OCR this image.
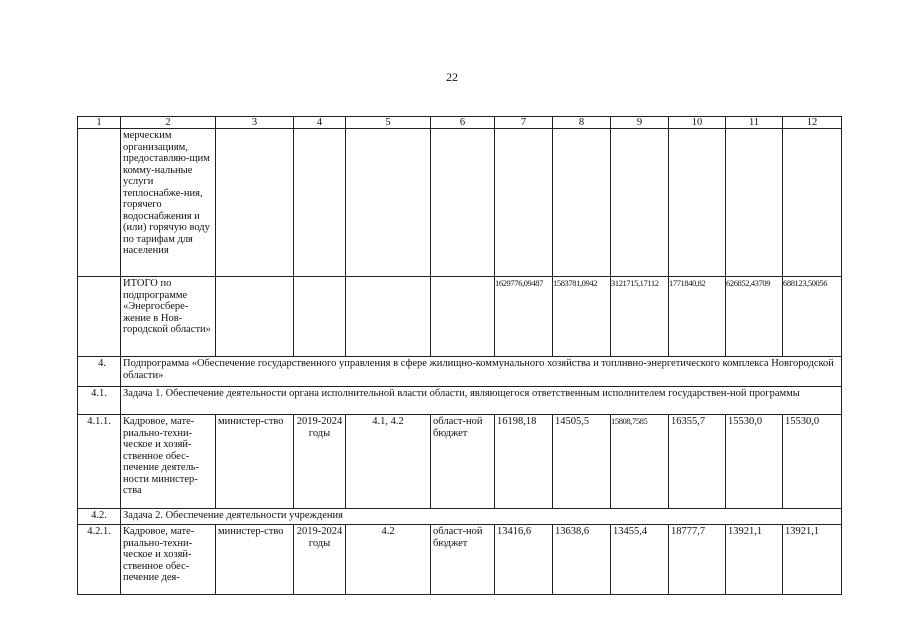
22
1	2	3	4	5	6	7	8	9	10	11	12
	мерческим организациям, предоставляю-щим комму-нальные услуги теплоснабже-ния, горячего водоснабжения и (или) горячую воду по тарифам для населения										
	ИТОГО по подпрограмме «Энергосбере-жение в Нов-городской области»					1629776,09487	1583781,0942	3121715,17112	1771840,82	626852,43709	688123,50056
4.	Подпрограмма «Обеспечение государственного управления в сфере жилищно-коммунального хозяйства и топливно-энергетического комплекса Новгородской области»										
4.1.	Задача 1. Обеспечение деятельности органа исполнительной власти области, являющегося ответственным исполнителем государствен-ной программы										
4.1.1.	Кадровое, мате-риально-техни-ческое и хозяй-ственное обес-печение деятель-ности министер-ства	министер-ство	2019-2024 годы	4.1, 4.2	област-ной бюджет	16198,18	14505,5	15808,7585	16355,7	15530,0	15530,0
4.2.	Задача 2. Обеспечение деятельности учреждения										
4.2.1.	Кадровое, мате-риально-техни-ческое и хозяй-ственное обес-печение дея-	министер-ство	2019-2024 годы	4.2	област-ной бюджет	13416,6	13638,6	13455,4	18777,7	13921,1	13921,1
